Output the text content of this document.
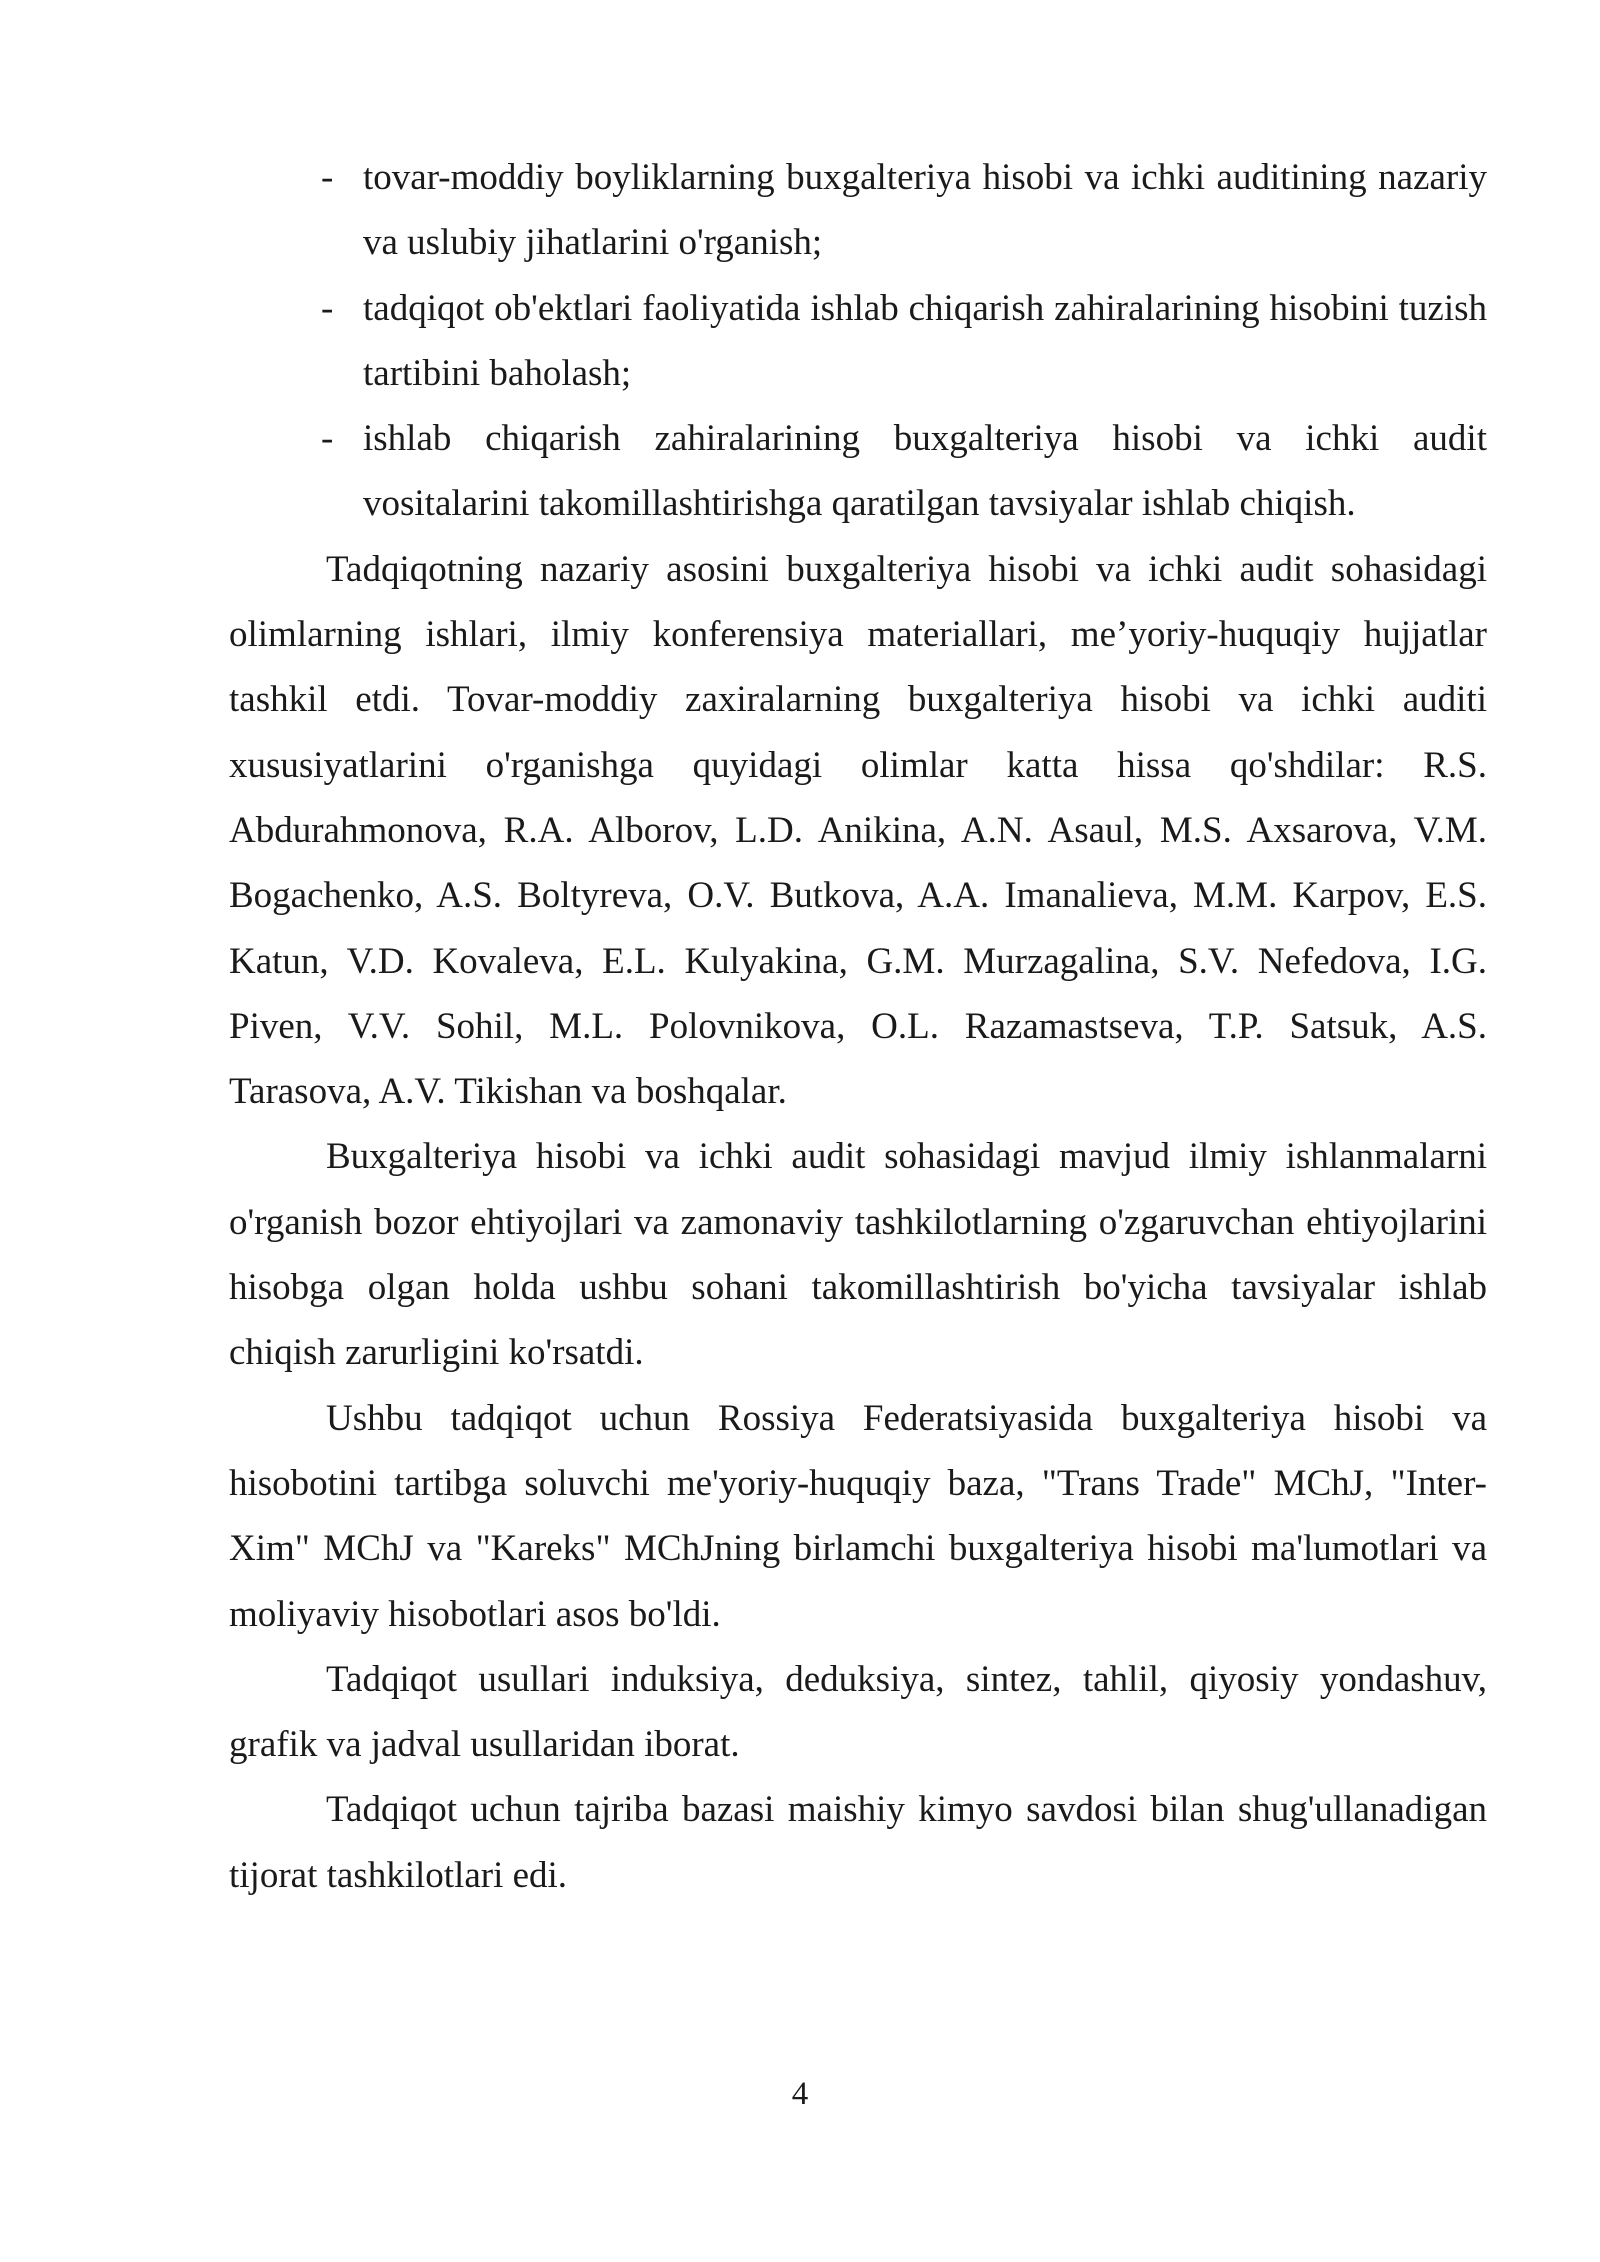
- tovar-moddiy boyliklarning buxgalteriya hisobi va ichki auditining nazariy va uslubiy jihatlarini o'rganish;
- tadqiqot ob'ektlari faoliyatida ishlab chiqarish zahiralarining hisobini tuzish tartibini baholash;
- ishlab chiqarish zahiralarining buxgalteriya hisobi va ichki audit vositalarini takomillashtirishga qaratilgan tavsiyalar ishlab chiqish.

Tadqiqotning nazariy asosini buxgalteriya hisobi va ichki audit sohasidagi olimlarning ishlari, ilmiy konferensiya materiallari, me’yoriy-huquqiy hujjatlar tashkil etdi. Tovar-moddiy zaxiralarning buxgalteriya hisobi va ichki auditi xususiyatlarini o'rganishga quyidagi olimlar katta hissa qo'shdilar: R.S. Abdurahmonova, R.A. Alborov, L.D. Anikina, A.N. Asaul, M.S. Axsarova, V.M. Bogachenko, A.S. Boltyreva, O.V. Butkova, A.A. Imanalieva, M.M. Karpov, E.S. Katun, V.D. Kovaleva, E.L. Kulyakina, G.M. Murzagalina, S.V. Nefedova, I.G. Piven, V.V. Sohil, M.L. Polovnikova, O.L. Razamastseva, T.P. Satsuk, A.S. Tarasova, A.V. Tikishan va boshqalar.

Buxgalteriya hisobi va ichki audit sohasidagi mavjud ilmiy ishlanmalarni o'rganish bozor ehtiyojlari va zamonaviy tashkilotlarning o'zgaruvchan ehtiyojlarini hisobga olgan holda ushbu sohani takomillashtirish bo'yicha tavsiyalar ishlab chiqish zarurligini ko'rsatdi.

Ushbu tadqiqot uchun Rossiya Federatsiyasida buxgalteriya hisobi va hisobotini tartibga soluvchi me'yoriy-huquqiy baza, "Trans Trade" MChJ, "Inter-Xim" MChJ va "Kareks" MChJning birlamchi buxgalteriya hisobi ma'lumotlari va moliyaviy hisobotlari asos bo'ldi.

Tadqiqot usullari induksiya, deduksiya, sintez, tahlil, qiyosiy yondashuv, grafik va jadval usullaridan iborat.

Tadqiqot uchun tajriba bazasi maishiy kimyo savdosi bilan shug'ullanadigan tijorat tashkilotlari edi.

4
